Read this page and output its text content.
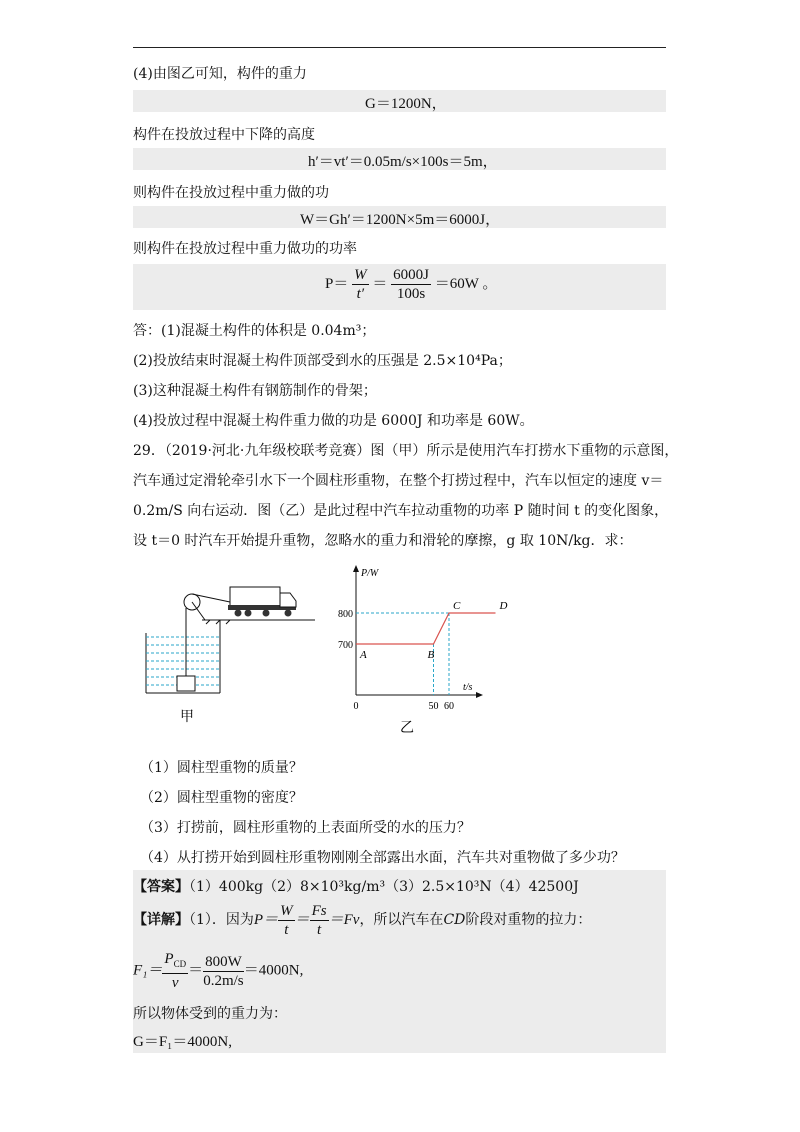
(4)由图乙可知，构件的重力
G＝1200N，
构件在投放过程中下降的高度
h′＝vt′＝0.05m/s×100s＝5m，
则构件在投放过程中重力做的功
W＝Gh′＝1200N×5m＝6000J，
则构件在投放过程中重力做功的功率
$P= \frac{W}{t'} = \frac{6000J}{100s} =60W$ 。
答：(1)混凝土构件的体积是 0.04m³；
(2)投放结束时混凝土构件顶部受到水的压强是 2.5×10⁴Pa；
(3)这种混凝土构件有钢筋制作的骨架；
(4)投放过程中混凝土构件重力做的功是 6000J 和功率是 60W。
29．（2019·河北·九年级校联考竞赛）图（甲）所示是使用汽车打捞水下重物的示意图，
汽车通过定滑轮牵引水下一个圆柱形重物，在整个打捞过程中，汽车以恒定的速度 v＝
0.2m/S 向右运动．图（乙）是此过程中汽车拉动重物的功率 P 随时间 t 的变化图象，
设 t＝0 时汽车开始提升重物，忽略水的重力和滑轮的摩擦，g 取 10N/kg．求：
甲
P/W
t/s
A	B
C	D
700
800
0	50 60
乙
（1）圆柱型重物的质量？
（2）圆柱型重物的密度？
（3）打捞前，圆柱形重物的上表面所受的水的压力？
（4）从打捞开始到圆柱形重物刚刚全部露出水面，汽车共对重物做了多少功？
【答案】（1）400kg（2）8×10³kg/m³（3）2.5×10³N（4）42500J
【详解】（1）．因为$P= \frac{W}{t} = \frac{Fs}{t} =Fv$，所以汽车在CD阶段对重物的拉力：
$F_1= \frac{P_{CD}}{v} = \frac{800W}{0.2m/s} =4000N$,
所以物体受到的重力为：
G＝F₁＝4000N,
